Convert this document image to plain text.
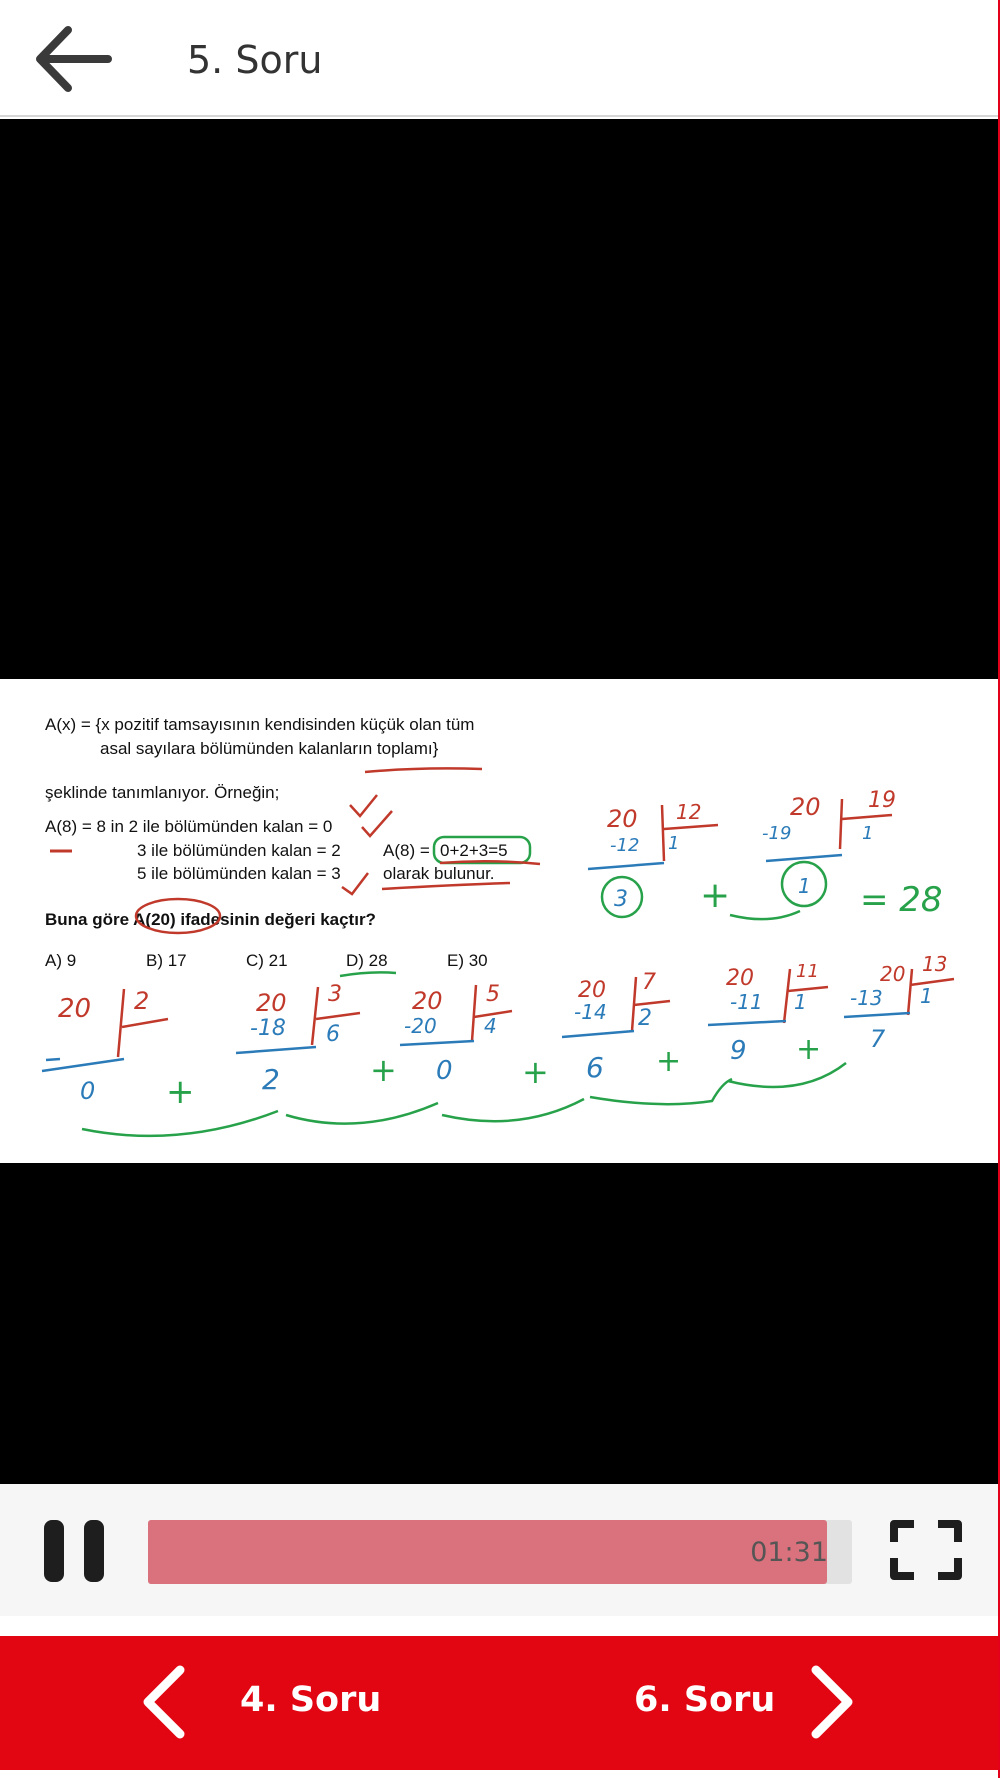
5. Soru
A(x) = {x pozitif tamsayısının kendisinden küçük olan tüm
asal sayılara bölümünden kalanların toplamı}
şeklinde tanımlanıyor. Örneğin;
A(8) = 8 in 2 ile bölümünden kalan = 0
3 ile bölümünden kalan = 2
5 ile bölümünden kalan = 3
A(8) = 0+2+3=5
olarak bulunur.
Buna göre A(20) ifadesinin değeri kaçtır?
A) 9	B) 17	C) 21	D) 28	E) 30
20 12
-12 1
3 +
20 19
-19	1
1 = 28
20 2
0 +
20 3
-18 6
2	+
20 5
-20 4
0 +
20 7
-14 2
6 +
20 11
-11 1
9 +
20 13
-13 1
7
01:31
4. Soru	6. Soru
